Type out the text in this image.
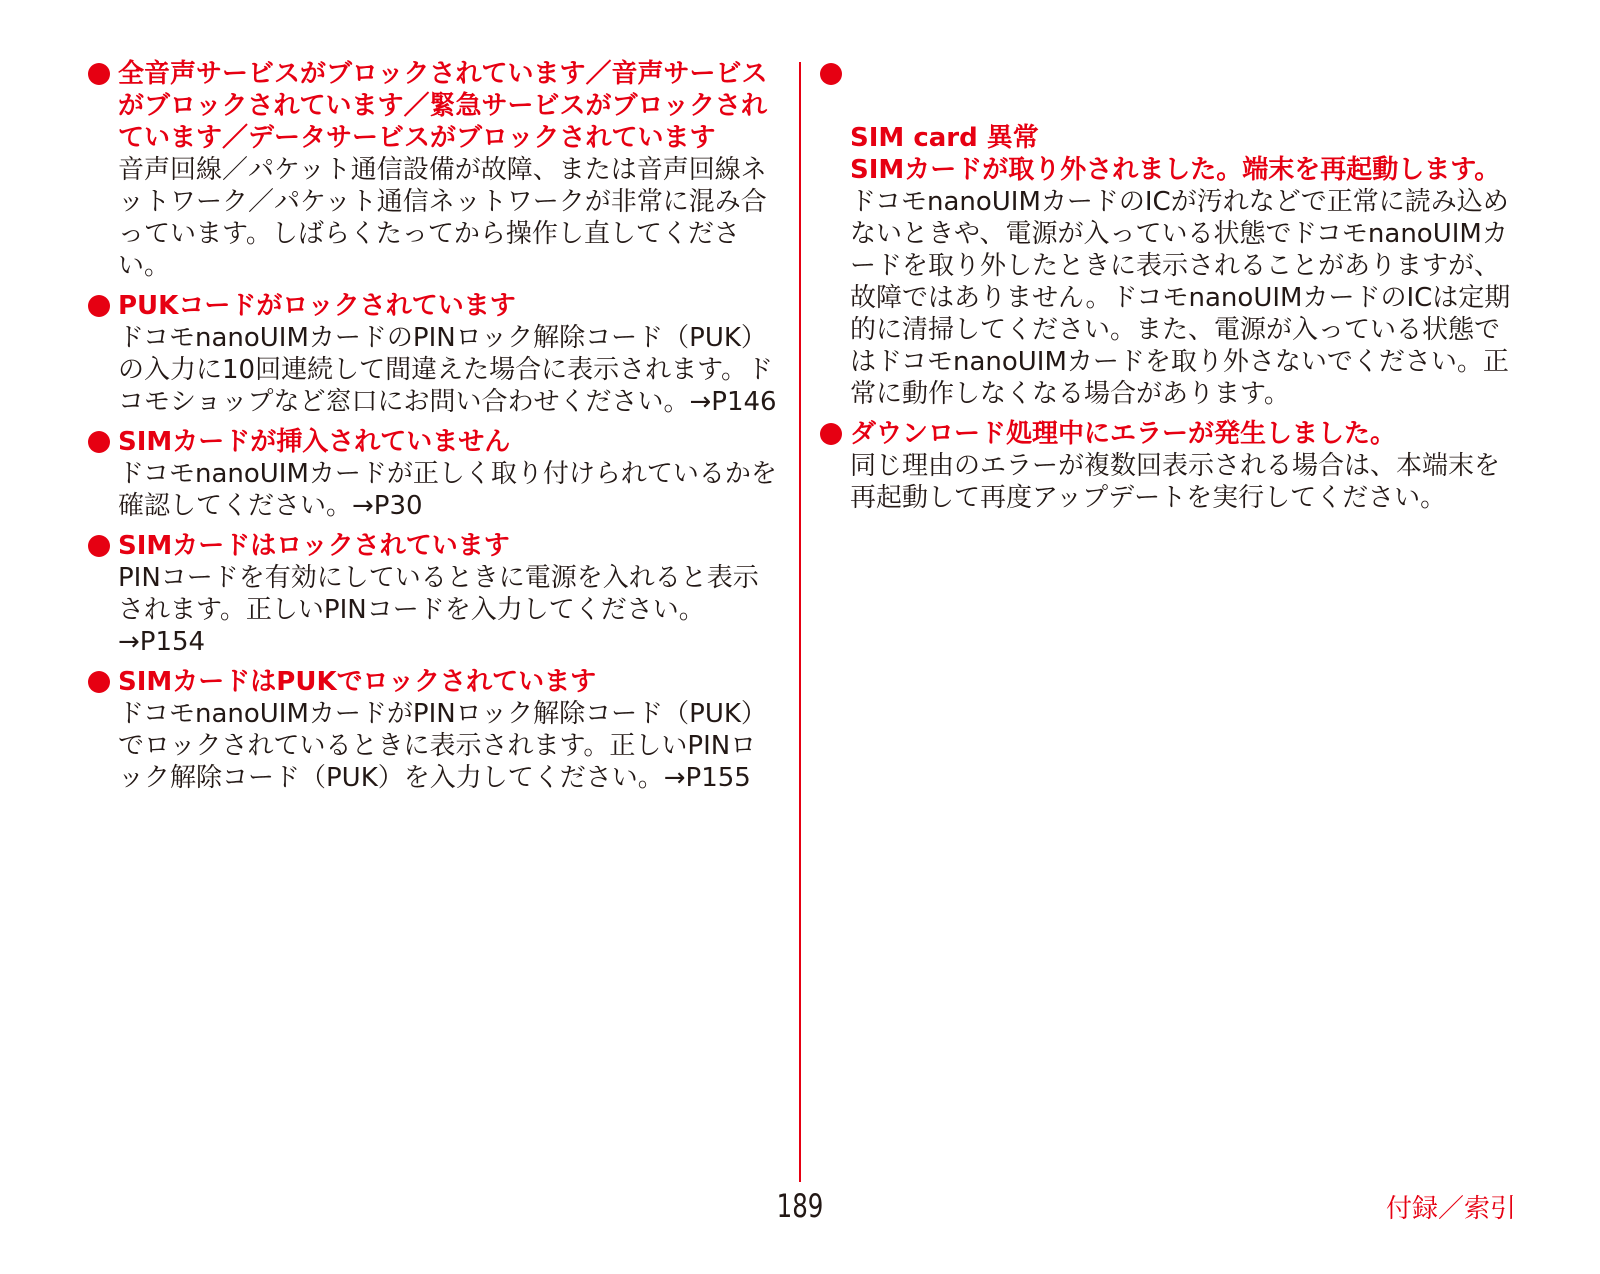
全音声サービスがブロックされています／音声サービスがブロックされています／緊急サービスがブロックされています／データサービスがブロックされています
音声回線／パケット通信設備が故障、または音声回線ネットワーク／パケット通信ネットワークが非常に混み合っています。しばらくたってから操作し直してください。
PUKコードがロックされています
ドコモnanoUIMカードのPINロック解除コード（PUK）の入力に10回連続して間違えた場合に表示されます。ドコモショップなど窓口にお問い合わせください。→P146
SIMカードが挿入されていません
ドコモnanoUIMカードが正しく取り付けられているかを確認してください。→P30
SIMカードはロックされています
PINコードを有効にしているときに電源を入れると表示されます。正しいPINコードを入力してください。→P154
SIMカードはPUKでロックされています
ドコモnanoUIMカードがPINロック解除コード（PUK）でロックされているときに表示されます。正しいPINロック解除コード（PUK）を入力してください。→P155

SIM card 異常
SIMカードが取り外されました。端末を再起動します。

ドコモnanoUIMカードのICが汚れなどで正常に読み込めないときや、電源が入っている状態でドコモnanoUIMカードを取り外したときに表示されることがありますが、故障ではありません。ドコモnanoUIMカードのICは定期的に清掃してください。また、電源が入っている状態ではドコモnanoUIMカードを取り外さないでください。正常に動作しなくなる場合があります。
ダウンロード処理中にエラーが発生しました。
同じ理由のエラーが複数回表示される場合は、本端末を再起動して再度アップデートを実行してください。
189	付録／索引
